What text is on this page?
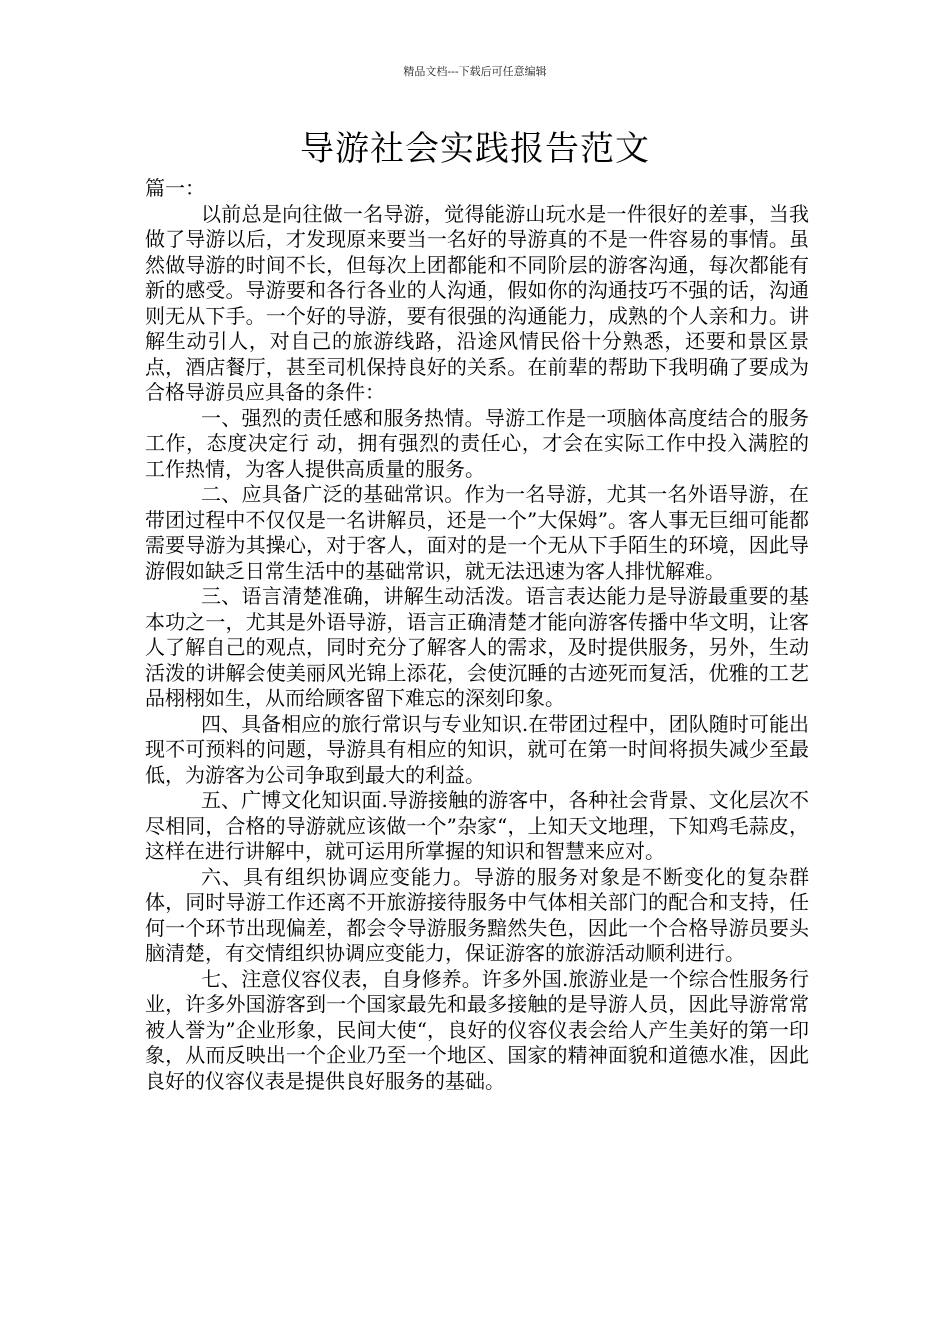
精品文档---下载后可任意编辑
导游社会实践报告范文

篇一：

以前总是向往做一名导游，觉得能游山玩水是一件很好的差事，当我做了导游以后，才发现原来要当一名好的导游真的不是一件容易的事情。虽然做导游的时间不长，但每次上团都能和不同阶层的游客沟通，每次都能有新的感受。导游要和各行各业的人沟通，假如你的沟通技巧不强的话，沟通则无从下手。一个好的导游，要有很强的沟通能力，成熟的个人亲和力。讲解生动引人，对自己的旅游线路，沿途风情民俗十分熟悉，还要和景区景点，酒店餐厅，甚至司机保持良好的关系。在前辈的帮助下我明确了要成为合格导游员应具备的条件：

一、强烈的责任感和服务热情。导游工作是一项脑体高度结合的服务工作，态度决定行 动，拥有强烈的责任心，才会在实际工作中投入满腔的工作热情，为客人提供高质量的服务。

二、应具备广泛的基础常识。作为一名导游，尤其一名外语导游，在带团过程中不仅仅是一名讲解员，还是一个”大保姆”。客人事无巨细可能都需要导游为其操心，对于客人，面对的是一个无从下手陌生的环境，因此导游假如缺乏日常生活中的基础常识，就无法迅速为客人排忧解难。

三、语言清楚准确，讲解生动活泼。语言表达能力是导游最重要的基本功之一，尤其是外语导游，语言正确清楚才能向游客传播中华文明，让客人了解自己的观点，同时充分了解客人的需求，及时提供服务，另外，生动活泼的讲解会使美丽风光锦上添花，会使沉睡的古迹死而复活，优雅的工艺品栩栩如生，从而给顾客留下难忘的深刻印象。

四、具备相应的旅行常识与专业知识.在带团过程中，团队随时可能出现不可预料的问题，导游具有相应的知识，就可在第一时间将损失减少至最低，为游客为公司争取到最大的利益。

五、广博文化知识面.导游接触的游客中，各种社会背景、文化层次不尽相同，合格的导游就应该做一个”杂家“，上知天文地理，下知鸡毛蒜皮，这样在进行讲解中，就可运用所掌握的知识和智慧来应对。

六、具有组织协调应变能力。导游的服务对象是不断变化的复杂群体，同时导游工作还离不开旅游接待服务中气体相关部门的配合和支持，任何一个环节出现偏差，都会令导游服务黯然失色，因此一个合格导游员要头脑清楚，有交情组织协调应变能力，保证游客的旅游活动顺利进行。

七、注意仪容仪表，自身修养。许多外国.旅游业是一个综合性服务行业，许多外国游客到一个国家最先和最多接触的是导游人员，因此导游常常被人誉为”企业形象，民间大使“，良好的仪容仪表会给人产生美好的第一印象，从而反映出一个企业乃至一个地区、国家的精神面貌和道德水准，因此良好的仪容仪表是提供良好服务的基础。
